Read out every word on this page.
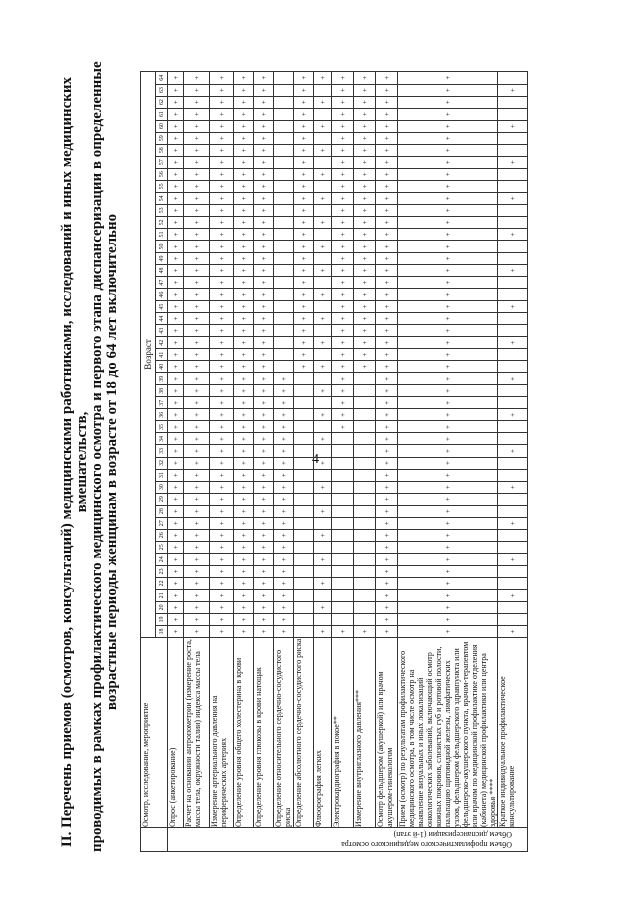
4
II. Перечень приемов (осмотров, консультаций) медицинскими работниками, исследований и иных медицинских вмешательств, проводимых в рамках профилактического медицинского осмотра и первого этапа диспансеризации в определенные возрастные периоды женщинам в возрасте от 18 до 64 лет включительно
	Осмотр, исследование, мероприятие	Возраст																																														
		18	19	20	21	22	23	24	25	26	27	28	29	30	31	32	33	34	35	36	37	38	39	40	41	42	43	44	45	46	47	48	49	50	51	52	53	54	55	56	57	58	59	60	61	62	63	64

Объем профилактического медицинского осмотра
Объем диспансеризации (1-й этап)	Опрос (анкетирование)	+	+	+	+	+	+	+	+	+	+	+	+	+	+	+	+	+	+	+	+	+	+	+	+	+	+	+	+	+	+	+	+	+	+	+	+	+	+	+	+	+	+	+	+	+	+	+
	Расчет на основании антропометрии (измерение роста, массы тела, окружности талии) индекса массы тела	+	+	+	+	+	+	+	+	+	+	+	+	+	+	+	+	+	+	+	+	+	+	+	+	+	+	+	+	+	+	+	+	+	+	+	+	+	+	+	+	+	+	+	+	+	+	+
	Измерение артериального давления на периферических артериях	+	+	+	+	+	+	+	+	+	+	+	+	+	+	+	+	+	+	+	+	+	+	+	+	+	+	+	+	+	+	+	+	+	+	+	+	+	+	+	+	+	+	+	+	+	+	+
	Определение уровня общего холестерина в крови	+	+	+	+	+	+	+	+	+	+	+	+	+	+	+	+	+	+	+	+	+	+	+	+	+	+	+	+	+	+	+	+	+	+	+	+	+	+	+	+	+	+	+	+	+	+	+
	Определение уровня глюкозы в крови натощак	+	+	+	+	+	+	+	+	+	+	+	+	+	+	+	+	+	+	+	+	+	+	+	+	+	+	+	+	+	+	+	+	+	+	+	+	+	+	+	+	+	+	+	+	+	+	+
	Определение относительного сердечно-сосудистого риска	+	+	+	+	+	+	+	+	+	+	+	+	+	+	+	+	+	+	+	+	+	+																									
	Определение абсолютного сердечно-сосудистого риска																							+	+	+	+	+	+	+	+	+	+	+	+	+	+	+	+	+	+	+	+	+	+	+	+	+
	Флюорография легких	+		+		+		+		+		+		+		+		+		+		+		+		+		+		+		+		+		+		+		+		+		+		+		+
	Электрокардиография в покое**	+																	+	+	+	+	+	+	+	+	+	+	+	+	+	+	+	+	+	+	+	+	+	+	+	+	+	+	+	+	+	+
	Измерение внутриглазного давления***	+																						+	+	+	+	+	+	+	+	+	+	+	+	+	+	+	+	+	+	+	+	+	+	+	+	+
	Осмотр фельдшером (акушеркой) или врачом акушером-гинекологом	+	+	+	+	+	+	+	+	+	+	+	+	+	+	+	+	+	+	+	+	+	+	+	+	+	+	+	+	+	+	+	+	+	+	+	+	+	+	+	+	+	+	+	+	+	+	+
	Прием (осмотр) по результатам профилактического медицинского осмотра, в том числе осмотр на выявление визуальных и иных локализаций онкологических заболеваний, включающий осмотр кожных покровов, слизистых губ и ротовой полости, пальпацию щитовидной железы, лимфатических узлов, фельдшером фельдшерского здравпункта или фельдшерско-акушерского пункта, врачом-терапевтом или врачом по медицинской профилактике отделения (кабинета) медицинской профилактики или центра здоровья ****	+	+	+	+	+	+	+	+	+	+	+	+	+	+	+	+	+	+	+	+	+	+	+	+	+	+	+	+	+	+	+	+	+	+	+	+	+	+	+	+	+	+	+	+	+	+	+
	Краткое индивидуальное профилактическое консультирование	+			+			+			+			+			+			+			+			+			+			+			+			+			+			+			+	
